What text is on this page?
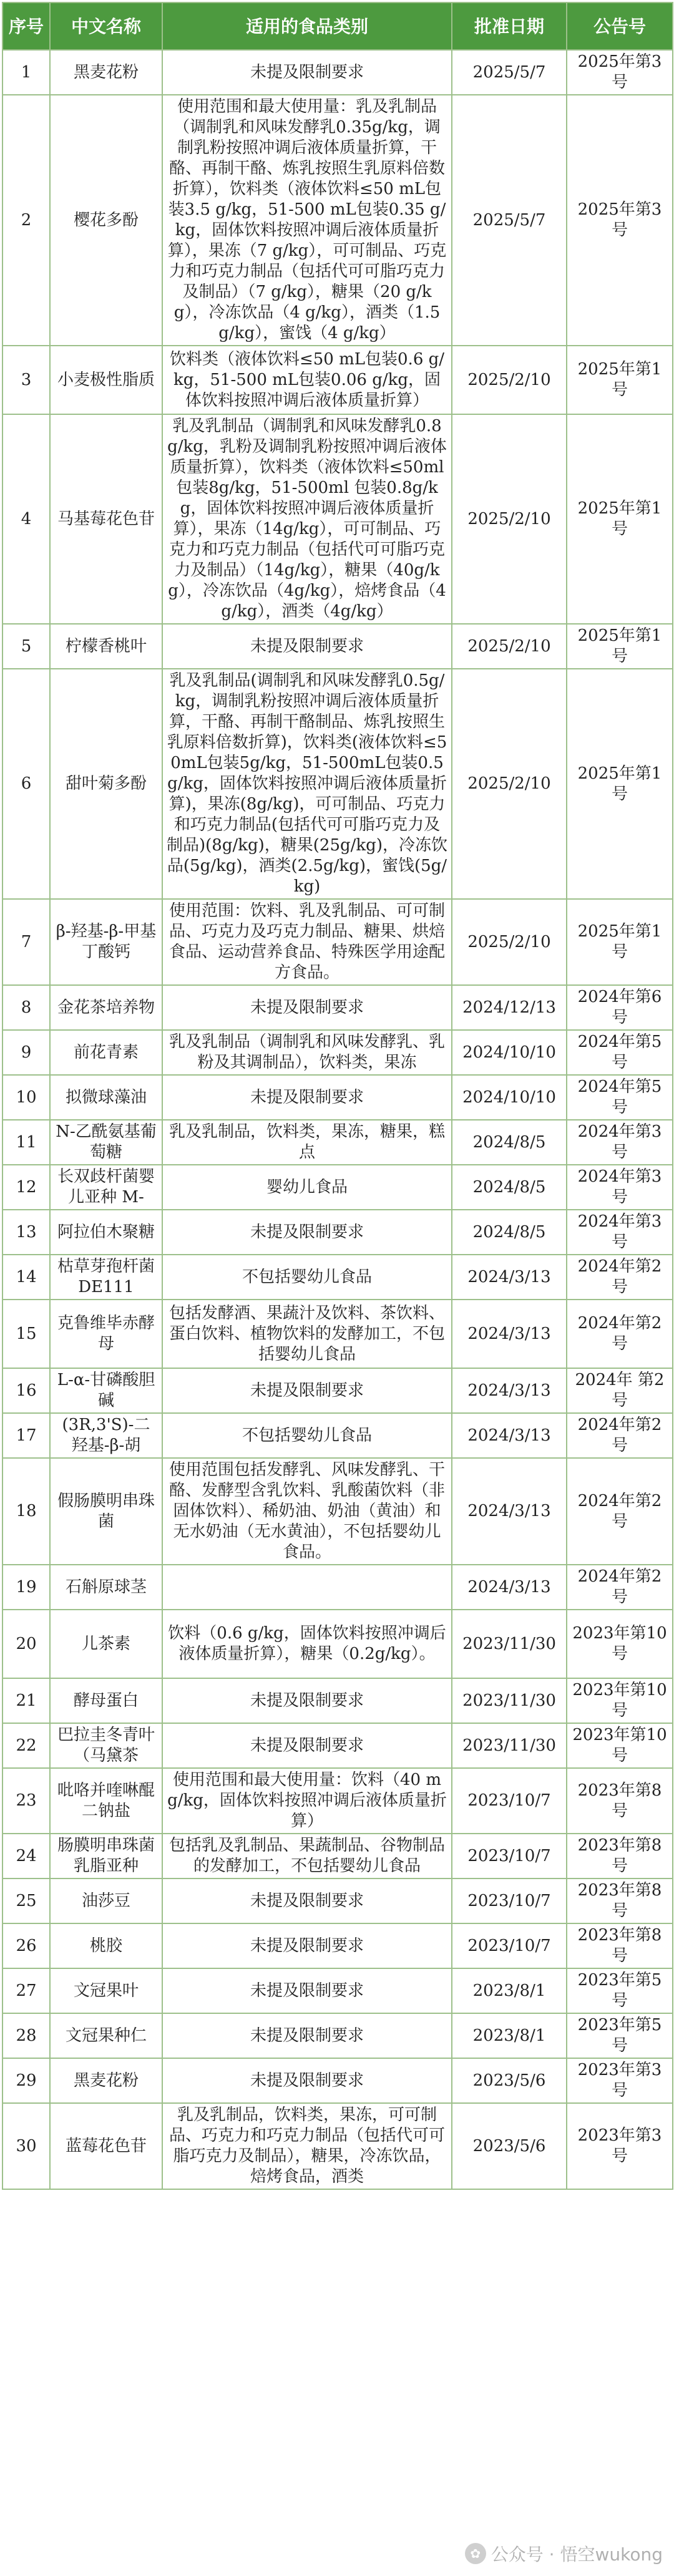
序号	中文名称	适用的食品类别	批准日期	公告号
1	黑麦花粉	未提及限制要求	2025/5/7	2025年第3号
2	樱花多酚	使用范围和最大使用量：乳及乳制品（调制乳和风味发酵乳0.35g/kg，调制乳粉按照冲调后液体质量折算，干酪、再制干酪、炼乳按照生乳原料倍数折算），饮料类（液体饮料≤50 mL包装3.5 g/kg，51-500 mL包装0.35 g/kg，固体饮料按照冲调后液体质量折算），果冻（7 g/kg），可可制品、巧克力和巧克力制品（包括代可可脂巧克力及制品）（7 g/kg），糖果（20 g/kg），冷冻饮品（4 g/kg），酒类（1.5 g/kg），蜜饯（4 g/kg）	2025/5/7	2025年第3号
3	小麦极性脂质	饮料类（液体饮料≤50 mL包装0.6 g/kg，51-500 mL包装0.06 g/kg，固体饮料按照冲调后液体质量折算）	2025/2/10	2025年第1号
4	马基莓花色苷	乳及乳制品（调制乳和风味发酵乳0.8g/kg，乳粉及调制乳粉按照冲调后液体质量折算），饮料类（液体饮料≤50ml 包装8g/kg，51-500ml 包装0.8g/kg，固体饮料按照冲调后液体质量折算），果冻（14g/kg），可可制品、巧克力和巧克力制品（包括代可可脂巧克力及制品）（14g/kg），糖果（40g/kg），冷冻饮品（4g/kg），焙烤食品（4g/kg），酒类（4g/kg）	2025/2/10	2025年第1号
5	柠檬香桃叶	未提及限制要求	2025/2/10	2025年第1号
6	甜叶菊多酚	乳及乳制品(调制乳和风味发酵乳0.5g/kg，调制乳粉按照冲调后液体质量折算，干酪、再制干酪制品、炼乳按照生乳原料倍数折算)，饮料类(液体饮料≤50mL包装5g/kg，51-500mL包装0.5g/kg，固体饮料按照冲调后液体质量折算)，果冻(8g/kg)，可可制品、巧克力和巧克力制品(包括代可可脂巧克力及制品)(8g/kg)，糖果(25g/kg)，冷冻饮品(5g/kg)，酒类(2.5g/kg)，蜜饯(5g/kg)	2025/2/10	2025年第1号
7	β-羟基-β-甲基丁酸钙	使用范围：饮料、乳及乳制品、可可制品、巧克力及巧克力制品、糖果、烘焙食品、运动营养食品、特殊医学用途配方食品。	2025/2/10	2025年第1号
8	金花茶培养物	未提及限制要求	2024/12/13	2024年第6号
9	前花青素	乳及乳制品（调制乳和风味发酵乳、乳粉及其调制品），饮料类，果冻	2024/10/10	2024年第5号
10	拟微球藻油	未提及限制要求	2024/10/10	2024年第5号
11	N-乙酰氨基葡萄糖	乳及乳制品，饮料类，果冻，糖果，糕点	2024/8/5	2024年第3号
12	长双歧杆菌婴儿亚种 M-	婴幼儿食品	2024/8/5	2024年第3号
13	阿拉伯木聚糖	未提及限制要求	2024/8/5	2024年第3号
14	枯草芽孢杆菌 DE111	不包括婴幼儿食品	2024/3/13	2024年第2号
15	克鲁维毕赤酵母	包括发酵酒、果蔬汁及饮料、茶饮料、蛋白饮料、植物饮料的发酵加工，不包括婴幼儿食品	2024/3/13	2024年第2号
16	L-α-甘磷酸胆碱	未提及限制要求	2024/3/13	2024年 第2号
17	(3R,3'S)-二羟基-β-胡	不包括婴幼儿食品	2024/3/13	2024年第2号
18	假肠膜明串珠菌	使用范围包括发酵乳、风味发酵乳、干酪、发酵型含乳饮料、乳酸菌饮料（非固体饮料）、稀奶油、奶油（黄油）和无水奶油（无水黄油），不包括婴幼儿食品。	2024/3/13	2024年第2号
19	石斛原球茎		2024/3/13	2024年第2号
20	儿茶素	饮料（0.6 g/kg，固体饮料按照冲调后液体质量折算），糖果（0.2g/kg）。	2023/11/30	2023年第10号
21	酵母蛋白	未提及限制要求	2023/11/30	2023年第10号
22	巴拉圭冬青叶（马黛茶	未提及限制要求	2023/11/30	2023年第10号
23	吡咯并喹啉醌二钠盐	使用范围和最大使用量：饮料（40 mg/kg，固体饮料按照冲调后液体质量折算）	2023/10/7	2023年第8号
24	肠膜明串珠菌乳脂亚种	包括乳及乳制品、果蔬制品、谷物制品的发酵加工，不包括婴幼儿食品	2023/10/7	2023年第8号
25	油莎豆	未提及限制要求	2023/10/7	2023年第8号
26	桃胶	未提及限制要求	2023/10/7	2023年第8号
27	文冠果叶	未提及限制要求	2023/8/1	2023年第5号
28	文冠果种仁	未提及限制要求	2023/8/1	2023年第5号
29	黑麦花粉	未提及限制要求	2023/5/6	2023年第3号
30	蓝莓花色苷	乳及乳制品，饮料类，果冻，可可制品、巧克力和巧克力制品（包括代可可脂巧克力及制品），糖果，冷冻饮品，焙烤食品，酒类	2023/5/6	2023年第3号
✿ 公众号 · 悟空wukong
